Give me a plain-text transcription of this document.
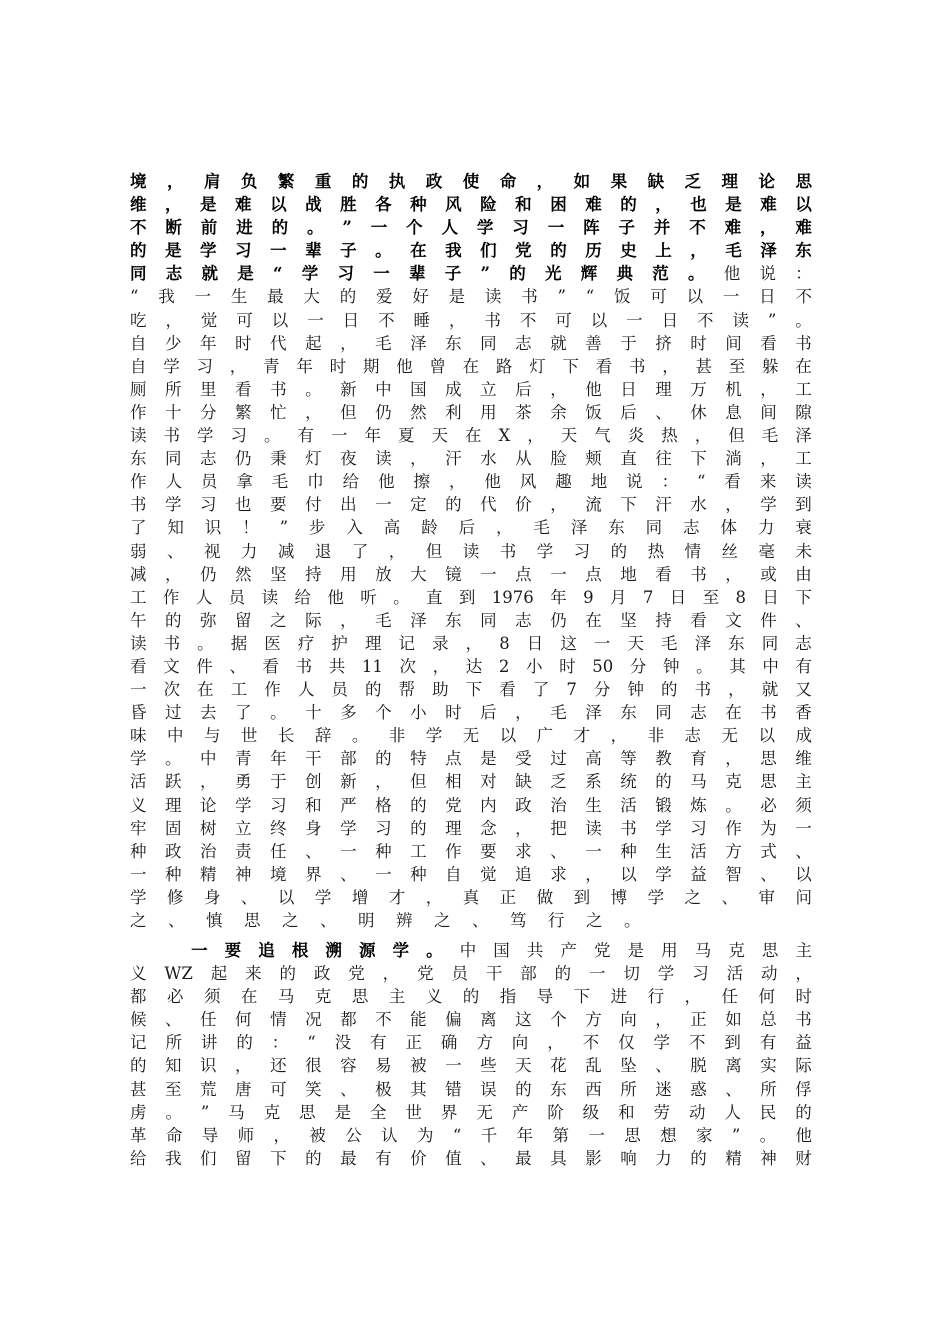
境 ， 肩 负 繁 重 的 执 政 使 命 ， 如 果 缺 乏 理 论 思
维 ， 是 难 以 战 胜 各 种 风 险 和 困 难 的 ， 也 是 难 以
不 断 前 进 的 。 ” 一 个 人 学 习 一 阵 子 并 不 难 ， 难
的 是 学 习 一 辈 子 。 在 我 们 党 的 历 史 上 ， 毛 泽 东
同 志 就 是 “ 学 习 一 辈 子 ” 的 光 辉 典 范 。 他 说 ：
“ 我 一 生 最 大 的 爱 好 是 读 书 ” “ 饭 可 以 一 日 不
吃 ， 觉 可 以 一 日 不 睡 ， 书 不 可 以 一 日 不 读 ” 。
自 少 年 时 代 起 ， 毛 泽 东 同 志 就 善 于 挤 时 间 看 书
自 学 习 ， 青 年 时 期 他 曾 在 路 灯 下 看 书 ， 甚 至 躲 在
厕 所 里 看 书 。 新 中 国 成 立 后 ， 他 日 理 万 机 ， 工
作 十 分 繁 忙 ， 但 仍 然 利 用 茶 余 饭 后 、 休 息 间 隙
读 书 学 习 。 有 一 年 夏 天 在 X ， 天 气 炎 热 ， 但 毛 泽
东 同 志 仍 秉 灯 夜 读 ， 汗 水 从 脸 颊 直 往 下 淌 ， 工
作 人 员 拿 毛 巾 给 他 擦 ， 他 风 趣 地 说 ： “ 看 来 读
书 学 习 也 要 付 出 一 定 的 代 价 ， 流 下 汗 水 ， 学 到
了 知 识 ！ ” 步 入 高 龄 后 ， 毛 泽 东 同 志 体 力 衰
弱 、 视 力 减 退 了 ， 但 读 书 学 习 的 热 情 丝 毫 未
减 ， 仍 然 坚 持 用 放 大 镜 一 点 一 点 地 看 书 ， 或 由
工 作 人 员 读 给 他 听 。 直 到 1976 年 9 月 7 日 至 8 日 下
午 的 弥 留 之 际 ， 毛 泽 东 同 志 仍 在 坚 持 看 文 件 、
读 书 。 据 医 疗 护 理 记 录 ， 8 日 这 一 天 毛 泽 东 同 志
看 文 件 、 看 书 共 11 次 ， 达 2 小 时 50 分 钟 。 其 中 有
一 次 在 工 作 人 员 的 帮 助 下 看 了 7 分 钟 的 书 ， 就 又
昏 过 去 了 。 十 多 个 小 时 后 ， 毛 泽 东 同 志 在 书 香
味 中 与 世 长 辞 。 非 学 无 以 广 才 ， 非 志 无 以 成
学 。 中 青 年 干 部 的 特 点 是 受 过 高 等 教 育 ， 思 维
活 跃 ， 勇 于 创 新 ， 但 相 对 缺 乏 系 统 的 马 克 思 主
义 理 论 学 习 和 严 格 的 党 内 政 治 生 活 锻 炼 。 必 须
牢 固 树 立 终 身 学 习 的 理 念 ， 把 读 书 学 习 作 为 一
种 政 治 责 任 、 一 种 工 作 要 求 、 一 种 生 活 方 式 、
一 种 精 神 境 界 、 一 种 自 觉 追 求 ， 以 学 益 智 、 以
学 修 身 、 以 学 增 才 ， 真 正 做 到 博 学 之 、 审 问
之 、 慎 思 之 、 明 辨 之 、 笃 行 之 。
一 要 追 根 溯 源 学 。 中 国 共 产 党 是 用 马 克 思 主
义 WZ 起 来 的 政 党 ， 党 员 干 部 的 一 切 学 习 活 动 ，
都 必 须 在 马 克 思 主 义 的 指 导 下 进 行 ， 任 何 时
候 、 任 何 情 况 都 不 能 偏 离 这 个 方 向 ， 正 如 总 书
记 所 讲 的 ： “ 没 有 正 确 方 向 ， 不 仅 学 不 到 有 益
的 知 识 ， 还 很 容 易 被 一 些 天 花 乱 坠 、 脱 离 实 际
甚 至 荒 唐 可 笑 、 极 其 错 误 的 东 西 所 迷 惑 、 所 俘
虏 。 ” 马 克 思 是 全 世 界 无 产 阶 级 和 劳 动 人 民 的
革 命 导 师 ， 被 公 认 为 “ 千 年 第 一 思 想 家 ” 。 他
给 我 们 留 下 的 最 有 价 值 、 最 具 影 响 力 的 精 神 财
